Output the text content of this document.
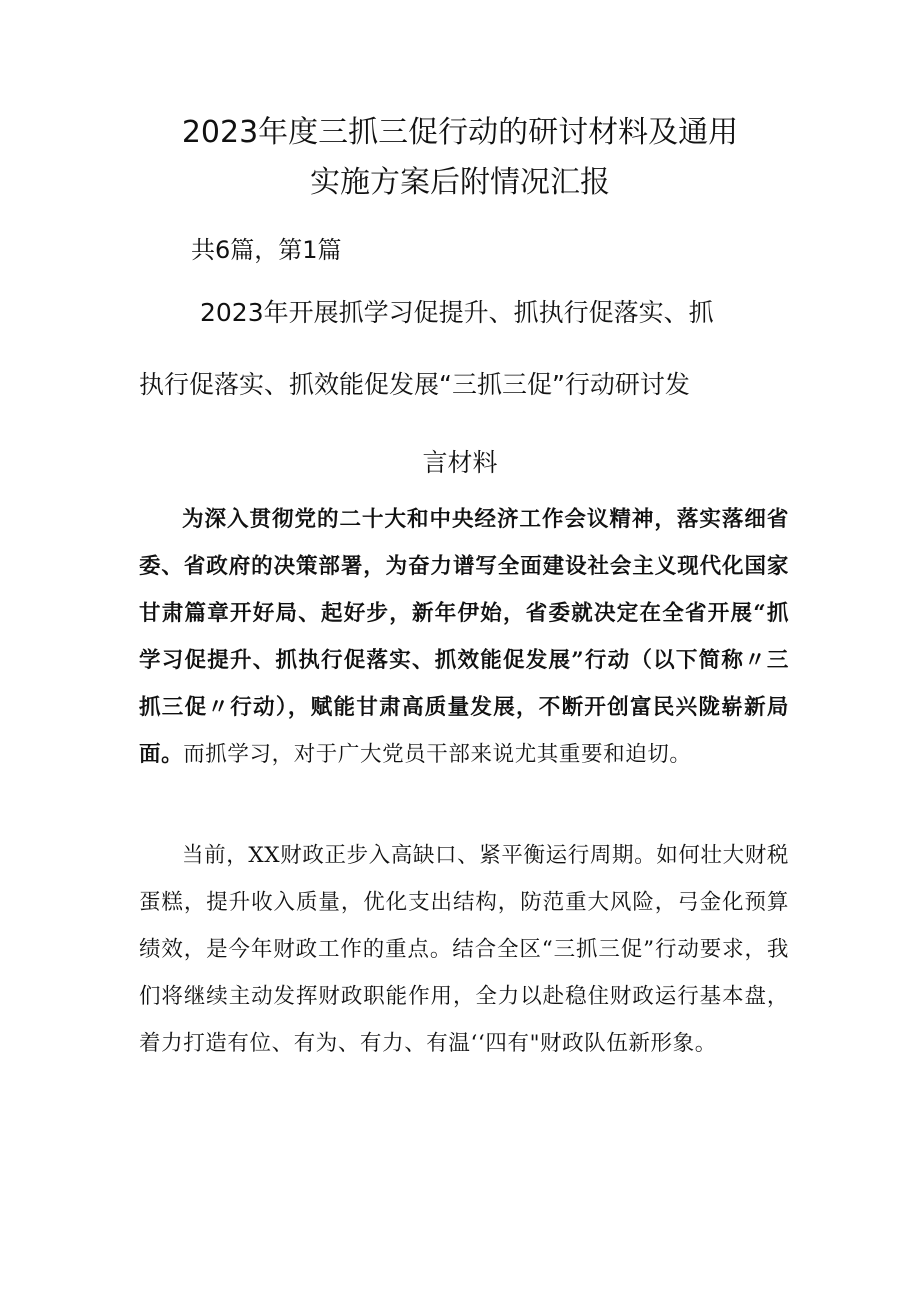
2023年度三抓三促行动的研讨材料及通用
实施方案后附情况汇报
共6篇，第1篇
2023年开展抓学习促提升、抓执行促落实、抓
执行促落实、抓效能促发展“三抓三促”行动研讨发
言材料
为深入贯彻党的二十大和中央经济工作会议精神，落实落细省委、省政府的决策部署，为奋力谱写全面建设社会主义现代化国家甘肃篇章开好局、起好步，新年伊始，省委就决定在全省开展“抓学习促提升、抓执行促落实、抓效能促发展”行动（以下简称〃三抓三促〃行动），赋能甘肃高质量发展，不断开创富民兴陇崭新局面。而抓学习，对于广大党员干部来说尤其重要和迫切。
当前，XX财政正步入高缺口、紧平衡运行周期。如何壮大财税蛋糕，提升收入质量，优化支出结构，防范重大风险，弓金化预算绩效，是今年财政工作的重点。结合全区“三抓三促”行动要求，我们将继续主动发挥财政职能作用，全力以赴稳住财政运行基本盘，着力打造有位、有为、有力、有温‘‘四有"财政队伍新形象。
